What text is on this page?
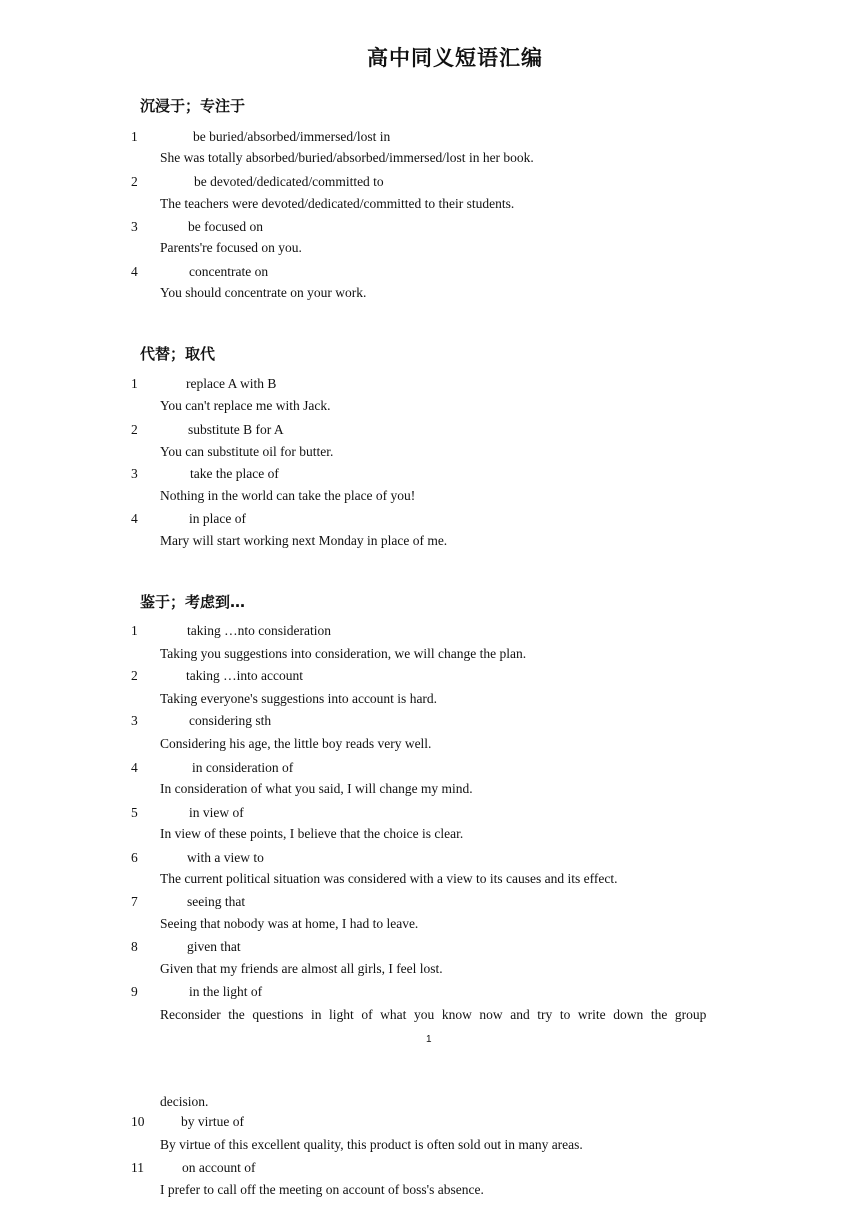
高中同义短语汇编
沉浸于；专注于
1	be buried/absorbed/immersed/lost in
She was totally absorbed/buried/absorbed/immersed/lost in her book.
2	be devoted/dedicated/committed to
The teachers were devoted/dedicated/committed to their students.
3	be focused on
Parents're focused on you.
4	concentrate on
You should concentrate on your work.
代替；取代
1	replace A with B
You can't replace me with Jack.
2	substitute B for A
You can substitute oil for butter.
3	take the place of
Nothing in the world can take the place of you!
4	in place of
Mary will start working next Monday in place of me.
鉴于；考虑到…
1	taking …nto consideration
Taking you suggestions into consideration, we will change the plan.
2	taking …into account
Taking everyone's suggestions into account is hard.
3	considering sth
Considering his age, the little boy reads very well.
4	in consideration of
In consideration of what you said, I will change my mind.
5	in view of
In view of these points, I believe that the choice is clear.
6	with a view to
The current political situation was considered with a view to its causes and its effect.
7	seeing that
Seeing that nobody was at home, I had to leave.
8	given that
Given that my friends are almost all girls, I feel lost.
9	in the light of
Reconsider the questions in light of what you know now and try to write down the group
1
decision.
10	by virtue of
By virtue of this excellent quality, this product is often sold out in many areas.
11	on account of
I prefer to call off the meeting on account of boss's absence.
